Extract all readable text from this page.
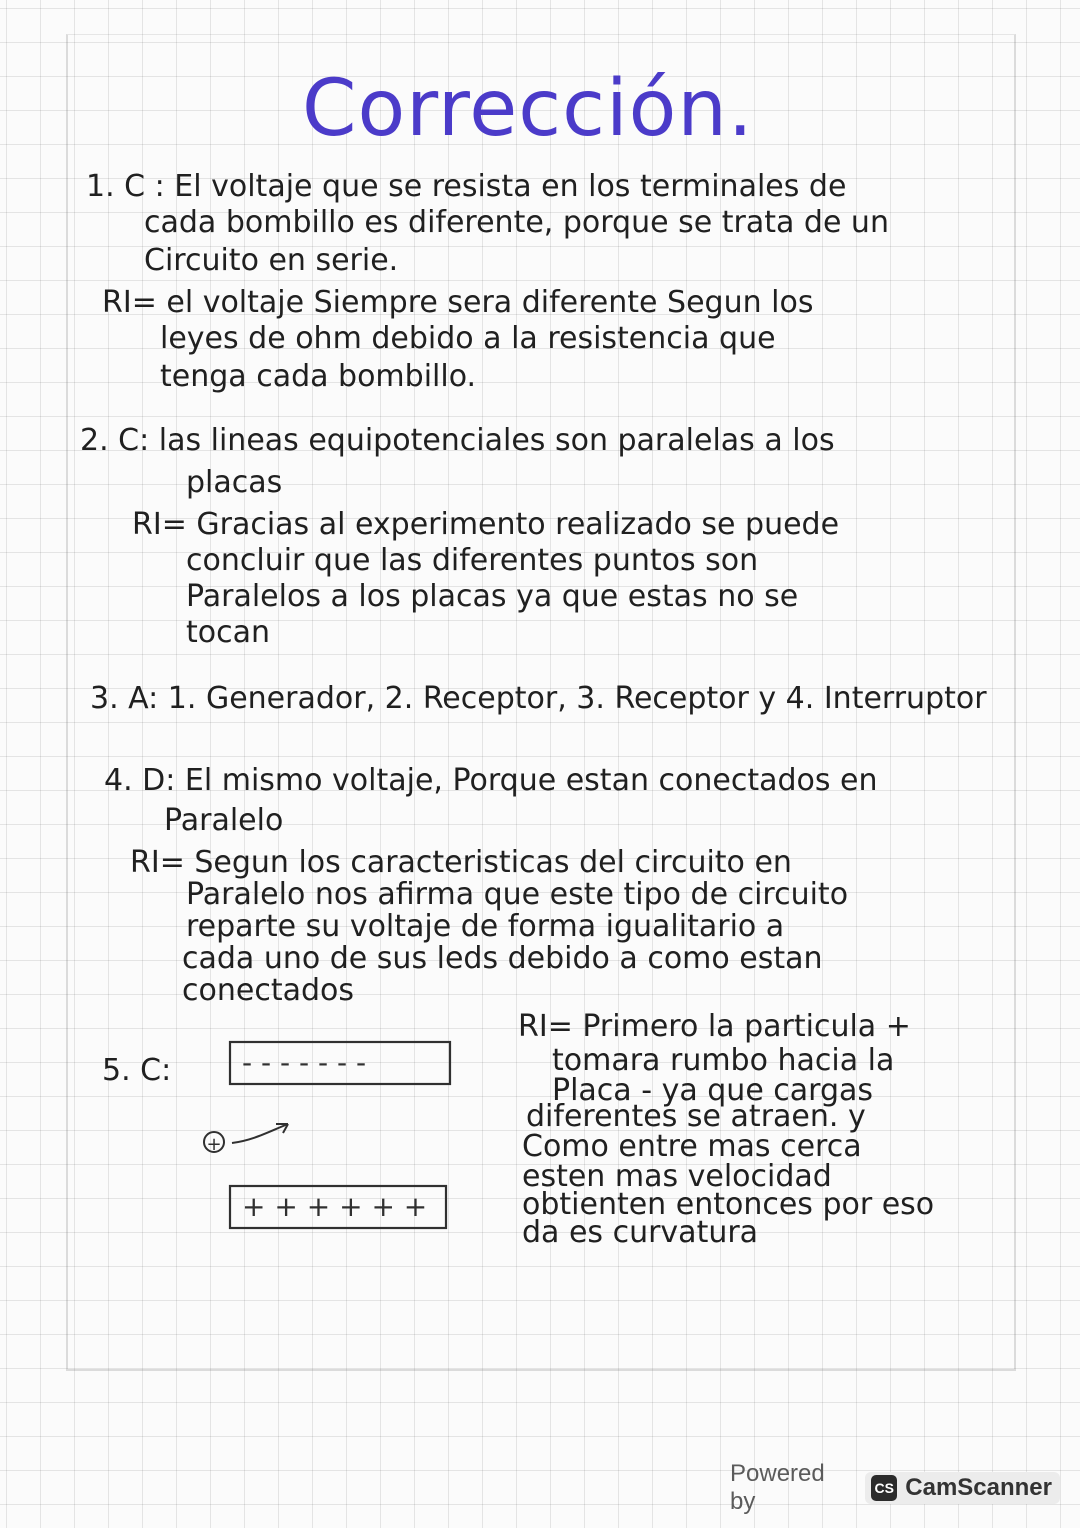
Corrección.
1. C : El voltaje que se resista en los terminales de
cada bombillo es diferente, porque se trata de un
Circuito en serie.
RI= el voltaje Siempre sera diferente Segun los
leyes de ohm debido a la resistencia que
tenga cada bombillo.
2. C: las lineas equipotenciales son paralelas a los
placas
RI= Gracias al experimento realizado se puede
concluir que las diferentes puntos son
Paralelos a los placas ya que estas no se
tocan
3. A: 1. Generador, 2. Receptor, 3. Receptor y 4. Interruptor
4. D: El mismo voltaje, Porque estan conectados en
Paralelo
RI= Segun los caracteristicas del circuito en
Paralelo nos afirma que este tipo de circuito
reparte su voltaje de forma igualitario a
cada uno de sus leds debido a como estan
conectados
5. C:	- - - - - - -
+
+ + + + + +
RI= Primero la particula +
tomara rumbo hacia la
Placa - ya que cargas
diferentes se atraen. y
Como entre mas cerca
esten mas velocidad
obtienten entonces por eso
da es curvatura
Powered by	CS CamScanner
